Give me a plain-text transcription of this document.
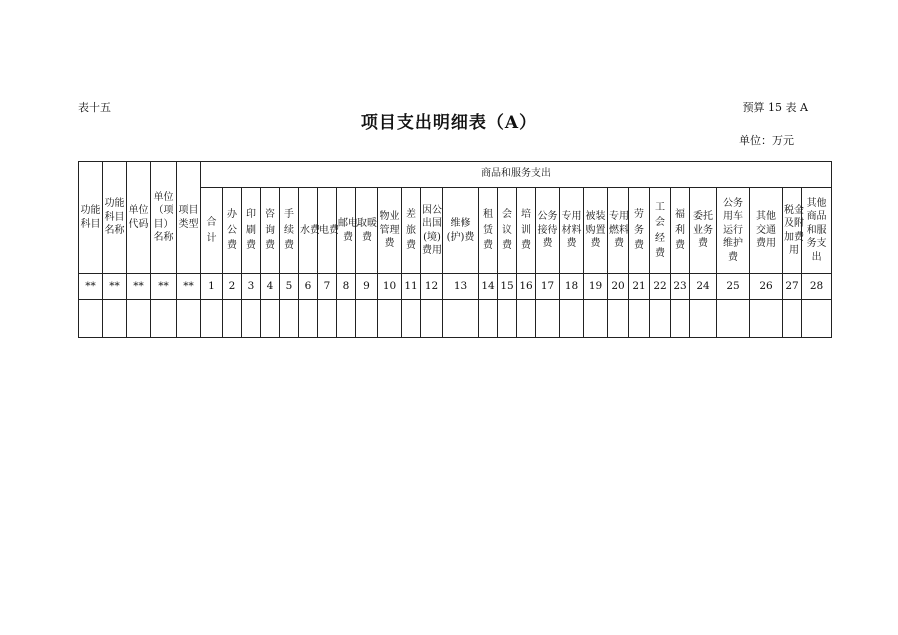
表十五	预算 15 表 A
项目支出明细表（A）
单位：万元
功能科目	功能科目名称	单位代码	单位（项目）名称	项目类型	商品和服务支出																											
					合计	办公费	印刷费	咨询费	手续费	水费	电费	邮电费	取暖费	物业管理费	差旅费	因公出国(境)费用	维修(护)费	租赁费	会议费	培训费	公务接待费	专用材料费	被装购置费	专用燃料费	劳务费	工会经费	福利费	委托业务费	公务用车运行维护费	其他交通费用	税金及附加费用	其他商品和服务支出
**	**	**	**	**	1	2	3	4	5	6	7	8	9	10	11	12	13	14	15	16	17	18	19	20	21	22	23	24	25	26	27	28
